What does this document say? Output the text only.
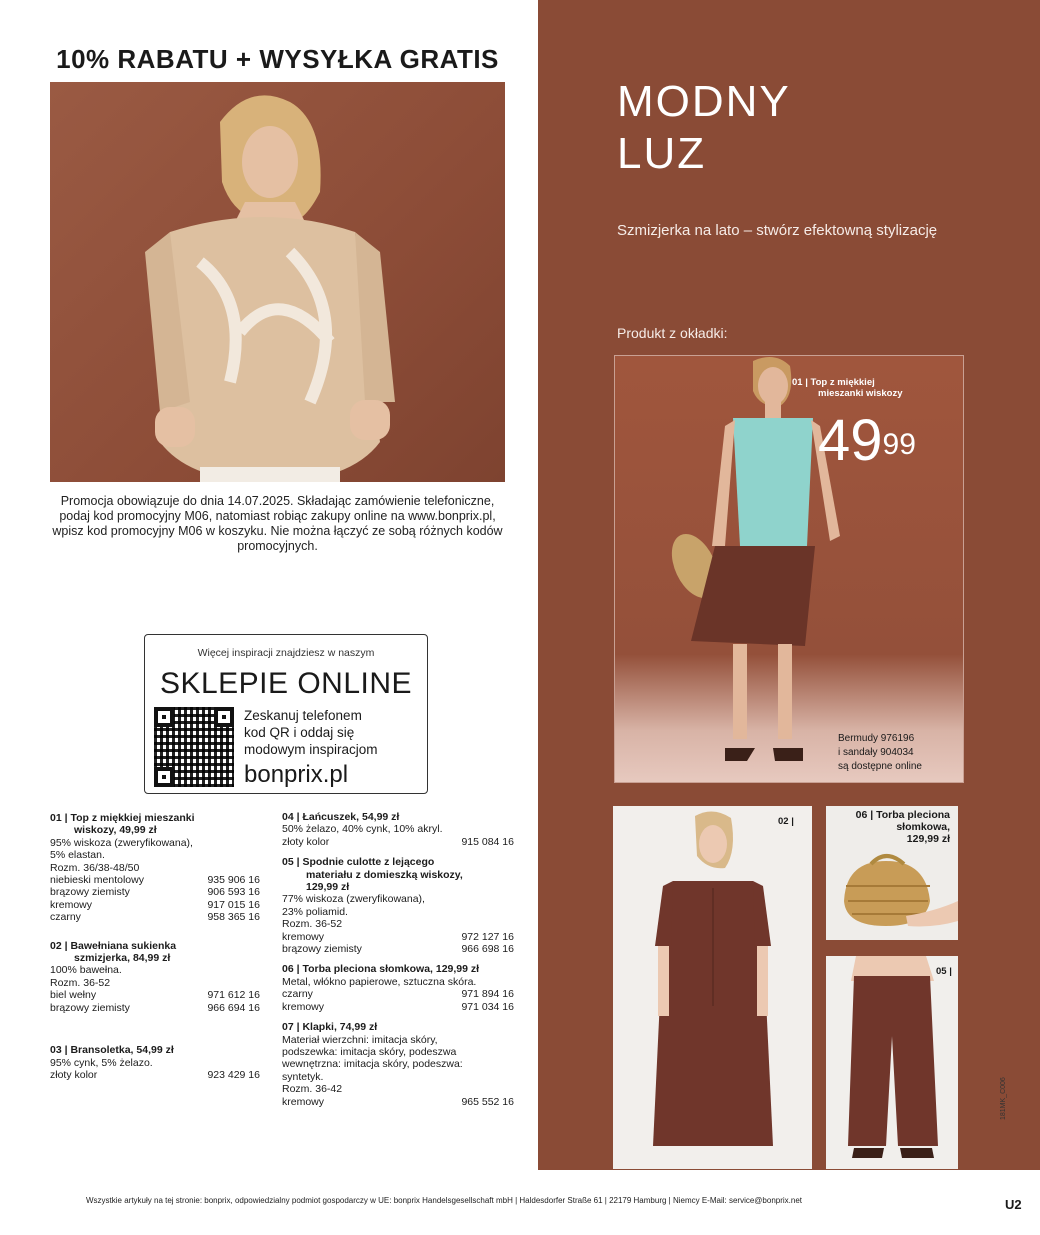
10% RABATU + WYSYŁKA GRATIS
Promocja obowiązuje do dnia 14.07.2025. Składając zamówienie telefoniczne, podaj kod promocyjny M06, natomiast robiąc zakupy online na www.bonprix.pl, wpisz kod promocyjny M06 w koszyku. Nie można łączyć ze sobą różnych kodów promocyjnych.
Więcej inspiracji znajdziesz w naszym
SKLEPIE ONLINE
Zeskanuj telefonem
kod QR i oddaj się
modowym inspiracjom
bonprix.pl
MODNY
LUZ
Szmizjerka na lato – stwórz efektowną stylizację
Produkt z okładki:
01 | Top z miękkiej
mieszanki wiskozy
$49^{99}$
Bermudy 976196
i sandały 904034
są dostępne online
02 |
06 | Torba pleciona
słomkowa,
129,99 zł
05 |
01 | Top z miękkiej mieszanki
wiskozy, 49,99 zł
95% wiskoza (zweryfikowana),
5% elastan.
Rozm. 36/38-48/50
niebieski mentolowy	935 906 16
brązowy ziemisty	906 593 16
kremowy	917 015 16
czarny	958 365 16
02 | Bawełniana sukienka
szmizjerka, 84,99 zł
100% bawełna.
Rozm. 36-52
biel wełny	971 612 16
brązowy ziemisty	966 694 16
03 | Bransoletka, 54,99 zł
95% cynk, 5% żelazo.
złoty kolor	923 429 16
04 | Łańcuszek, 54,99 zł
50% żelazo, 40% cynk, 10% akryl.
złoty kolor	915 084 16
05 | Spodnie culotte z lejącego
materiału z domieszką wiskozy,
129,99 zł
77% wiskoza (zweryfikowana),
23% poliamid.
Rozm. 36-52
kremowy	972 127 16
brązowy ziemisty	966 698 16
06 | Torba pleciona słomkowa, 129,99 zł
Metal, włókno papierowe, sztuczna skóra.
czarny	971 894 16
kremowy	971 034 16
07 | Klapki, 74,99 zł
Materiał wierzchni: imitacja skóry,
podszewka: imitacja skóry, podeszwa
wewnętrzna: imitacja skóry, podeszwa:
syntetyk.
Rozm. 36-42
kremowy	965 552 16
Wszystkie artykuły na tej stronie: bonprix, odpowiedzialny podmiot gospodarczy w UE: bonprix Handelsgesellschaft mbH | Haldesdorfer Straße 61 | 22179 Hamburg | Niemcy E-Mail: service@bonprix.net	U2
181MK_C006
